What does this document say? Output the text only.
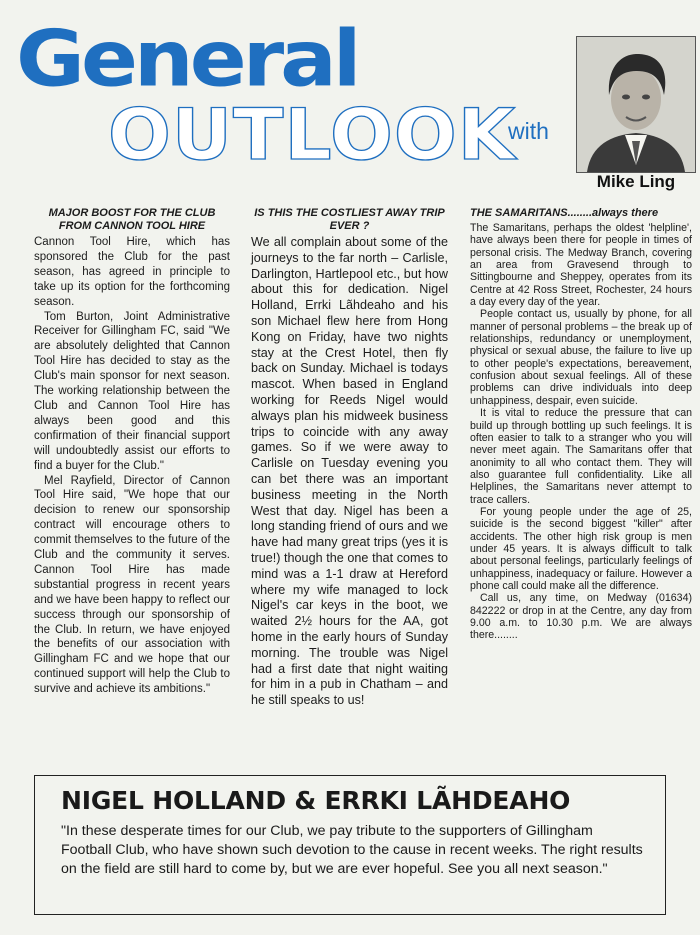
General
OUTLOOK
with

Mike Ling

MAJOR BOOST FOR THE CLUB FROM CANNON TOOL HIRE

Cannon Tool Hire, which has sponsored the Club for the past season, has agreed in principle to take up its option for the forthcoming season.

Tom Burton, Joint Administrative Receiver for Gillingham FC, said "We are absolutely delighted that Cannon Tool Hire has decided to stay as the Club's main sponsor for next season. The working relationship between the Club and Cannon Tool Hire has always been good and this confirmation of their financial support will undoubtedly assist our efforts to find a buyer for the Club."

Mel Rayfield, Director of Cannon Tool Hire said, "We hope that our decision to renew our sponsorship contract will encourage others to commit themselves to the future of the Club and the community it serves. Cannon Tool Hire has made substantial progress in recent years and we have been happy to reflect our success through our sponsorship of the Club. In return, we have enjoyed the benefits of our association with Gillingham FC and we hope that our continued support will help the Club to survive and achieve its ambitions."

IS THIS THE COSTLIEST AWAY TRIP EVER ?

We all complain about some of the journeys to the far north – Carlisle, Darlington, Hartlepool etc., but how about this for dedication. Nigel Holland, Errki Lãhdeaho and his son Michael flew here from Hong Kong on Friday, have two nights stay at the Crest Hotel, then fly back on Sunday. Michael is todays mascot. When based in England working for Reeds Nigel would always plan his midweek business trips to coincide with any away games. So if we were away to Carlisle on Tuesday evening you can bet there was an important business meeting in the North West that day. Nigel has been a long standing friend of ours and we have had many great trips (yes it is true!) though the one that comes to mind was a 1-1 draw at Hereford where my wife managed to lock Nigel's car keys in the boot, we waited 2½ hours for the AA, got home in the early hours of Sunday morning. The trouble was Nigel had a first date that night waiting for him in a pub in Chatham – and he still speaks to us!

THE SAMARITANS........always there

The Samaritans, perhaps the oldest 'helpline', have always been there for people in times of personal crisis. The Medway Branch, covering an area from Gravesend through to Sittingbourne and Sheppey, operates from its Centre at 42 Ross Street, Rochester, 24 hours a day every day of the year.

People contact us, usually by phone, for all manner of personal problems – the break up of relationships, redundancy or unemployment, physical or sexual abuse, the failure to live up to other people's expectations, bereavement, confusion about sexual feelings. All of these problems can drive individuals into deep unhappiness, despair, even suicide.

It is vital to reduce the pressure that can build up through bottling up such feelings. It is often easier to talk to a stranger who you will never meet again. The Samaritans offer that anonimity to all who contact them. They will also guarantee full confidentiality. Like all Helplines, the Samaritans never attempt to trace callers.

For young people under the age of 25, suicide is the second biggest "killer" after accidents. The other high risk group is men under 45 years. It is always difficult to talk about personal feelings, particularly feelings of unhappiness, inadequacy or failure. However a phone call could make all the difference.

Call us, any time, on Medway (01634) 842222 or drop in at the Centre, any day from 9.00 a.m. to 10.30 p.m. We are always there........

NIGEL HOLLAND & ERRKI LÃHDEAHO

"In these desperate times for our Club, we pay tribute to the supporters of Gillingham Football Club, who have shown such devotion to the cause in recent weeks. The right results on the field are still hard to come by, but we are ever hopeful. See you all next season."
